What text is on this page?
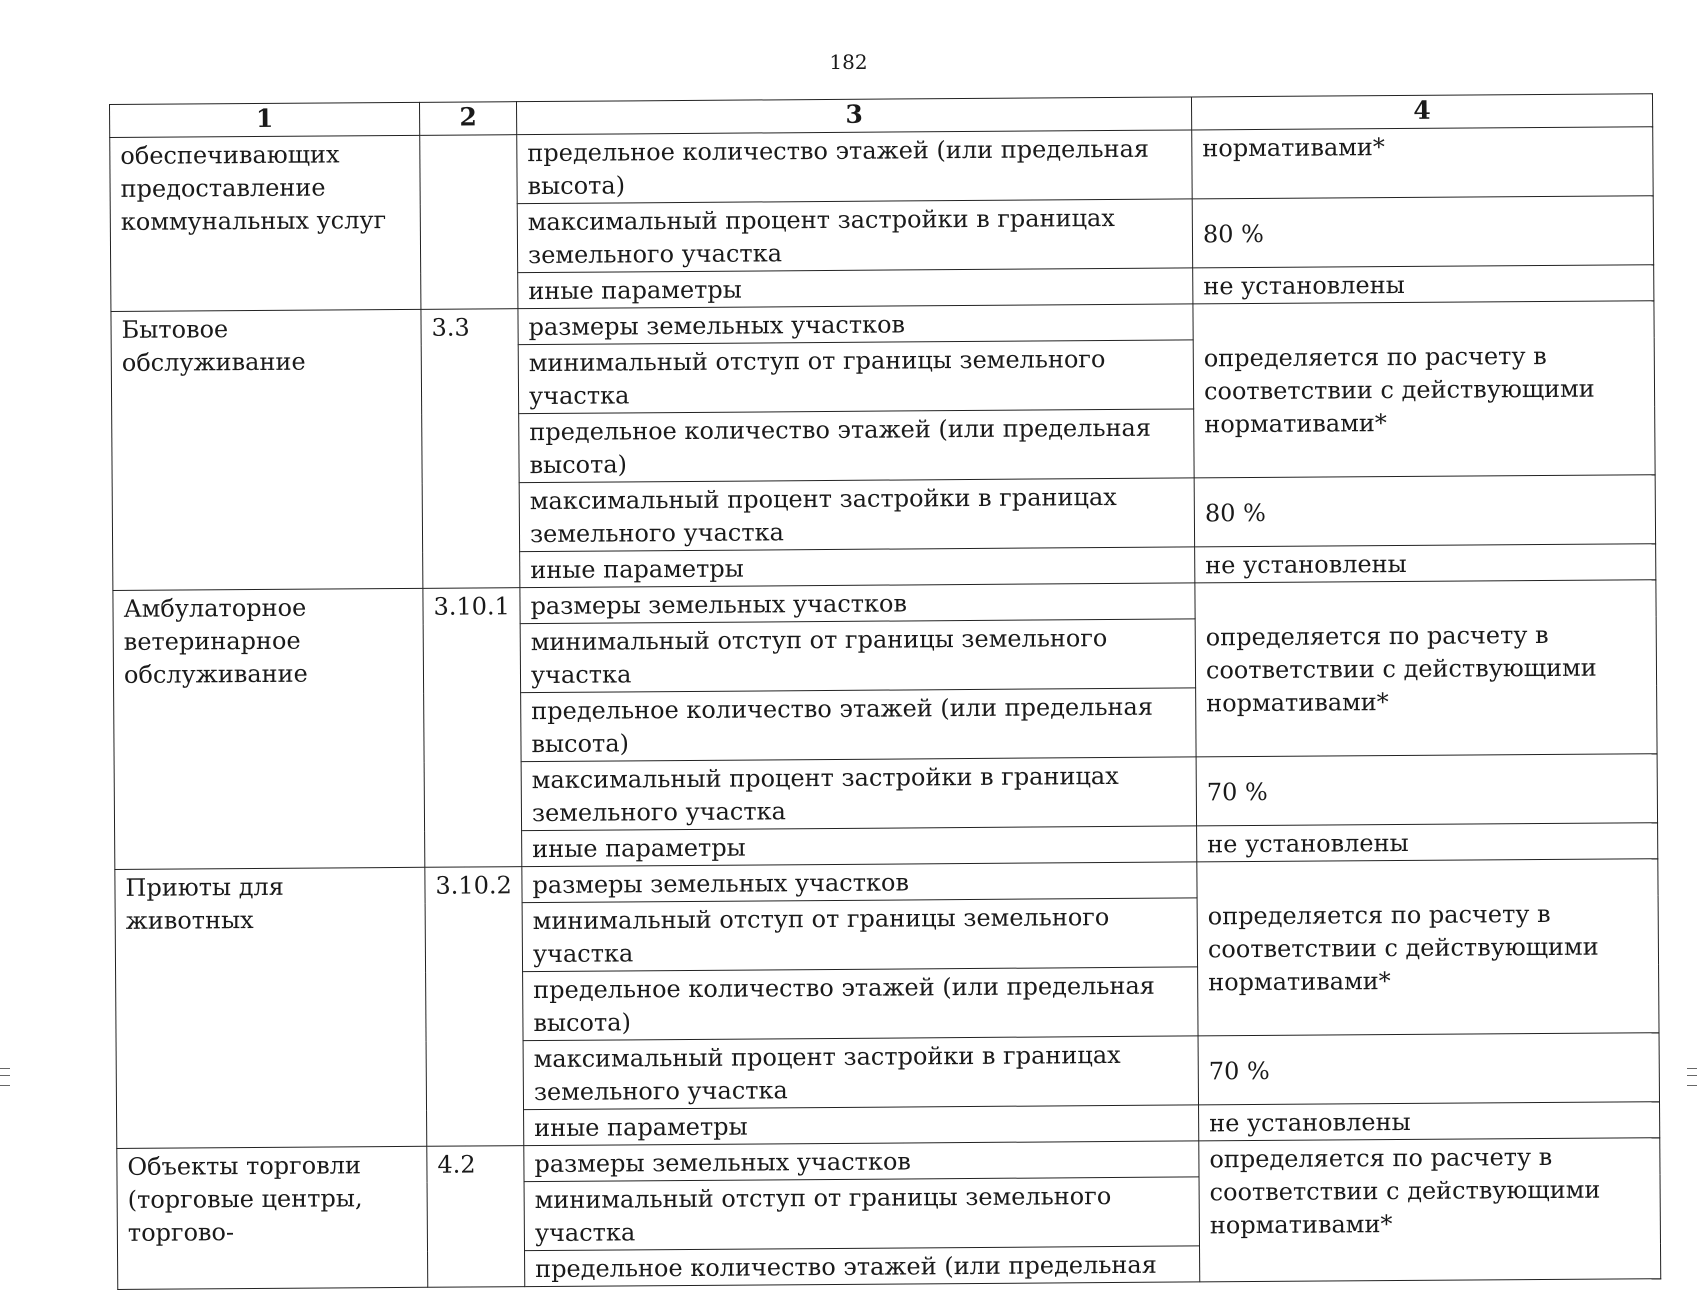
182
1	2	3	4
обеспечивающих предоставление коммунальных услуг		предельное количество этажей (или предельная высота)	нормативами*
		максимальный процент застройки в границах земельного участка	80 %
		иные параметры	не установлены
Бытовое обслуживание	3.3	размеры земельных участков	определяется по расчету в соответствии с действующими нормативами*
		минимальный отступ от границы земельного участка	
		предельное количество этажей (или предельная высота)	
		максимальный процент застройки в границах земельного участка	80 %
		иные параметры	не установлены
Амбулаторное ветеринарное обслуживание	3.10.1	размеры земельных участков	определяется по расчету в соответствии с действующими нормативами*
		минимальный отступ от границы земельного участка	
		предельное количество этажей (или предельная высота)	
		максимальный процент застройки в границах земельного участка	70 %
		иные параметры	не установлены
Приюты для животных	3.10.2	размеры земельных участков	определяется по расчету в соответствии с действующими нормативами*
		минимальный отступ от границы земельного участка	
		предельное количество этажей (или предельная высота)	
		максимальный процент застройки в границах земельного участка	70 %
		иные параметры	не установлены
Объекты торговли (торговые центры, торгово-	4.2	размеры земельных участков	определяется по расчету в соответствии с действующими нормативами*
		минимальный отступ от границы земельного участка	
		предельное количество этажей (или предельная	
